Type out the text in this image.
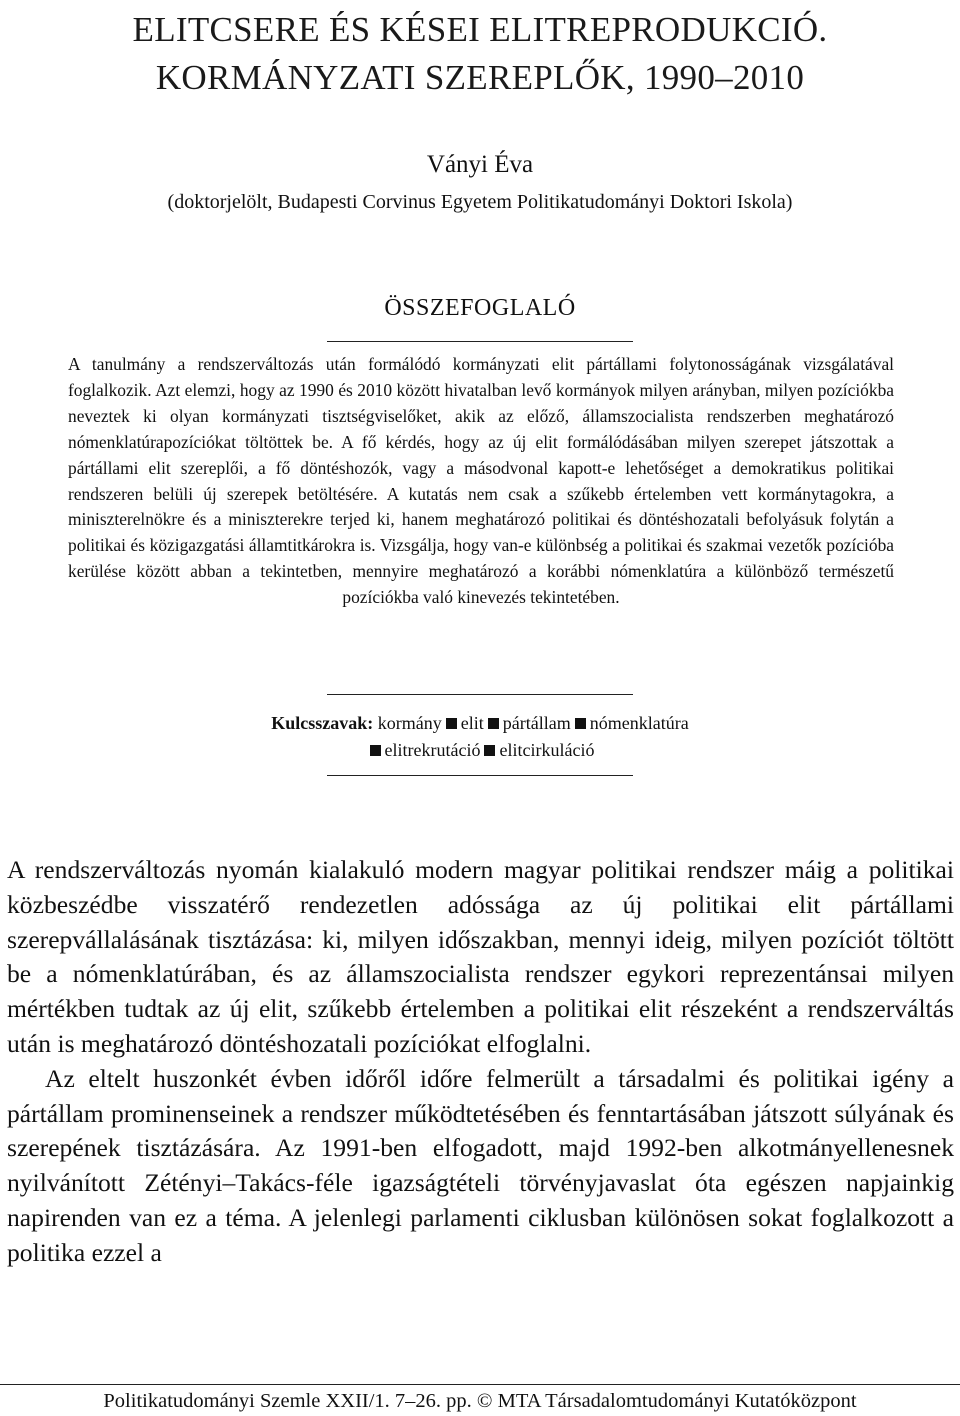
ELITCSERE ÉS KÉSEI ELITREPRODUKCIÓ.
KORMÁNYZATI SZEREPLŐK, 1990–2010
Ványi Éva
(doktorjelölt, Budapesti Corvinus Egyetem Politikatudományi Doktori Iskola)
ÖSSZEFOGLALÓ
A tanulmány a rendszerváltozás után formálódó kormányzati elit pártállami folytonosságának vizsgálatával foglalkozik. Azt elemzi, hogy az 1990 és 2010 között hivatalban levő kormányok milyen arányban, milyen pozíciókba neveztek ki olyan kormányzati tisztségviselőket, akik az előző, államszocialista rendszerben meghatározó nómenklatúrapozíciókat töltöttek be. A fő kérdés, hogy az új elit formálódásában milyen szerepet játszottak a pártállami elit szereplői, a fő döntéshozók, vagy a másodvonal kapott-e lehetőséget a demokratikus politikai rendszeren belüli új szerepek betöltésére. A kutatás nem csak a szűkebb értelemben vett kormánytagokra, a miniszterelnökre és a miniszterekre terjed ki, hanem meghatározó politikai és döntéshozatali befolyásuk folytán a politikai és közigazgatási államtitkárokra is. Vizsgálja, hogy van-e különbség a politikai és szakmai vezetők pozícióba kerülése között abban a tekintetben, mennyire meghatározó a korábbi nómenklatúra a különböző természetű pozíciókba való kinevezés tekintetében.
Kulcsszavak: kormány elit pártállam nómenklatúra
elitrekrutáció elitcirkuláció

A rendszerváltozás nyomán kialakuló modern magyar politikai rendszer máig a politikai közbeszédbe visszatérő rendezetlen adóssága az új politikai elit pártállami szerepvállalásának tisztázása: ki, milyen időszakban, mennyi ideig, milyen pozíciót töltött be a nómenklatúrában, és az államszocialista rendszer egykori reprezentánsai milyen mértékben tudtak az új elit, szűkebb értelemben a politikai elit részeként a rendszerváltás után is meghatározó döntéshozatali pozíciókat elfoglalni.

Az eltelt huszonkét évben időről időre felmerült a társadalmi és politikai igény a pártállam prominenseinek a rendszer működtetésében és fenntartásában játszott súlyának és szerepének tisztázására. Az 1991-ben elfogadott, majd 1992-ben alkotmányellenesnek nyilvánított Zétényi–Takács-féle igazságtételi törvényjavaslat óta egészen napjainkig napirenden van ez a téma. A jelenlegi parlamenti ciklusban különösen sokat foglalkozott a politika ezzel a

Politikatudományi Szemle XXII/1. 7–26. pp. © MTA Társadalomtudományi Kutatóközpont
